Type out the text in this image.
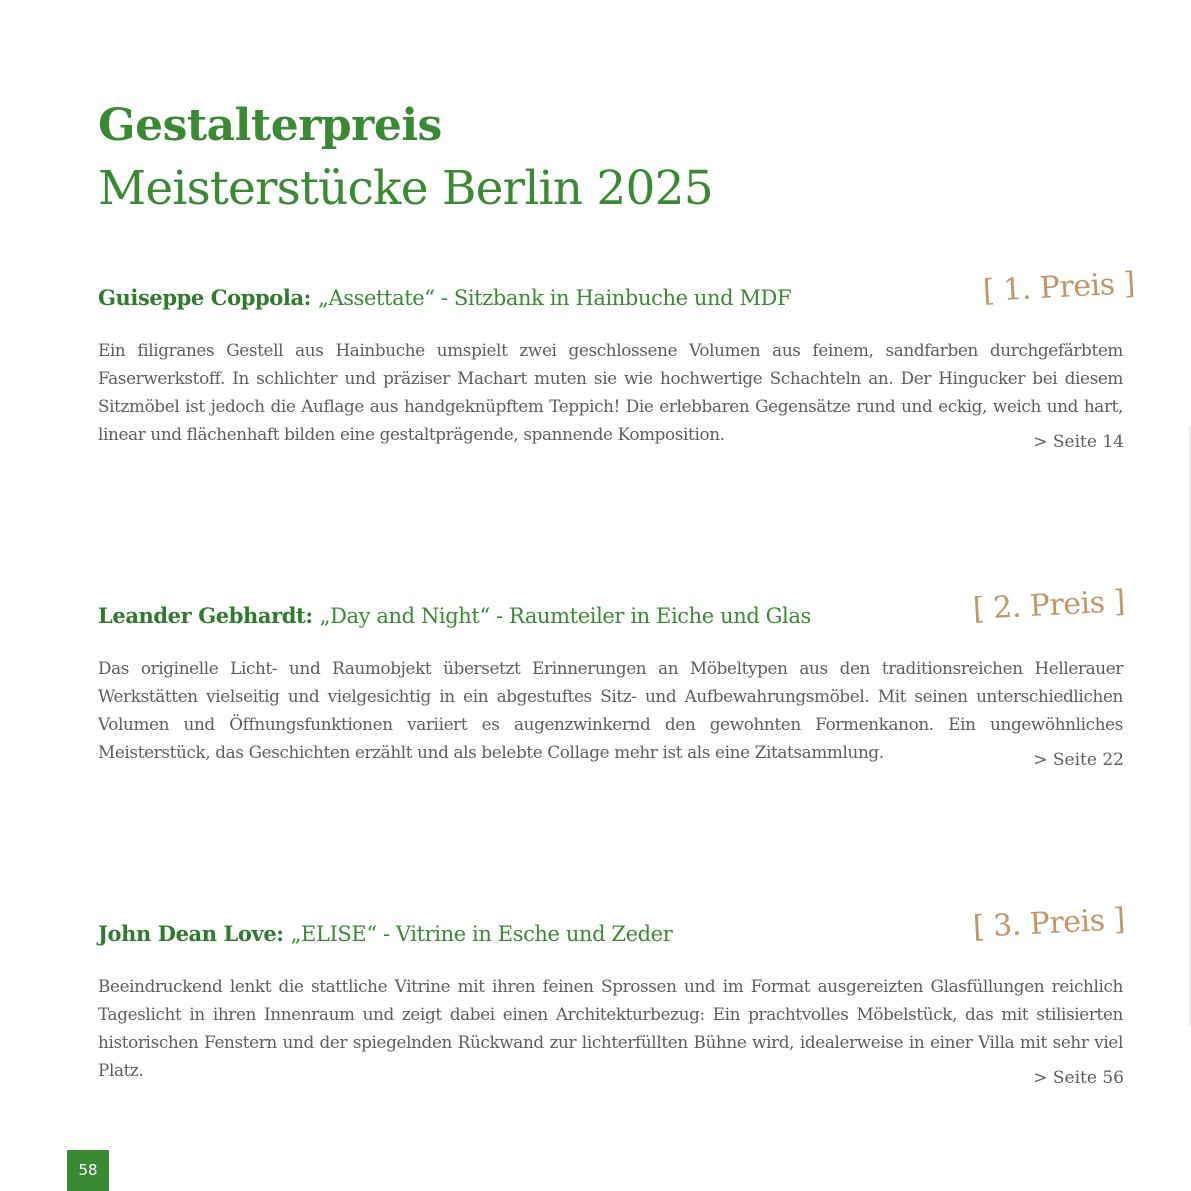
Gestalterpreis
Meisterstücke Berlin 2025
Guiseppe Coppola: „Assettate“ - Sitzbank in Hainbuche und MDF	[ 1. Preis ]

Ein filigranes Gestell aus Hainbuche umspielt zwei geschlossene Volumen aus feinem, sandfarben durchgefärbtem Faserwerkstoff. In schlichter und präziser Machart muten sie wie hochwertige Schachteln an. Der Hingucker bei diesem Sitzmöbel ist jedoch die Auflage aus handgeknüpftem Teppich! Die erlebbaren Gegensätze rund und eckig, weich und hart, linear und flächenhaft bilden eine gestaltprägende, spannende Komposition.	> Seite 14
Leander Gebhardt: „Day and Night“ - Raumteiler in Eiche und Glas	[ 2. Preis ]

Das originelle Licht- und Raumobjekt übersetzt Erinnerungen an Möbeltypen aus den traditionsreichen Hellerauer Werkstätten vielseitig und vielgesichtig in ein abgestuftes Sitz- und Aufbewahrungsmöbel. Mit seinen unterschiedlichen Volumen und Öffnungsfunktionen variiert es augenzwinkernd den gewohnten Formenkanon. Ein ungewöhnliches Meisterstück, das Geschichten erzählt und als belebte Collage mehr ist als eine Zitatsammlung.	> Seite 22
John Dean Love: „ELISE“ - Vitrine in Esche und Zeder	[ 3. Preis ]

Beeindruckend lenkt die stattliche Vitrine mit ihren feinen Sprossen und im Format ausgereizten Glasfüllungen reichlich Tageslicht in ihren Innenraum und zeigt dabei einen Architekturbezug: Ein prachtvolles Möbelstück, das mit stilisierten historischen Fenstern und der spiegelnden Rückwand zur lichterfüllten Bühne wird, idealerweise in einer Villa mit sehr viel Platz.	> Seite 56
58
